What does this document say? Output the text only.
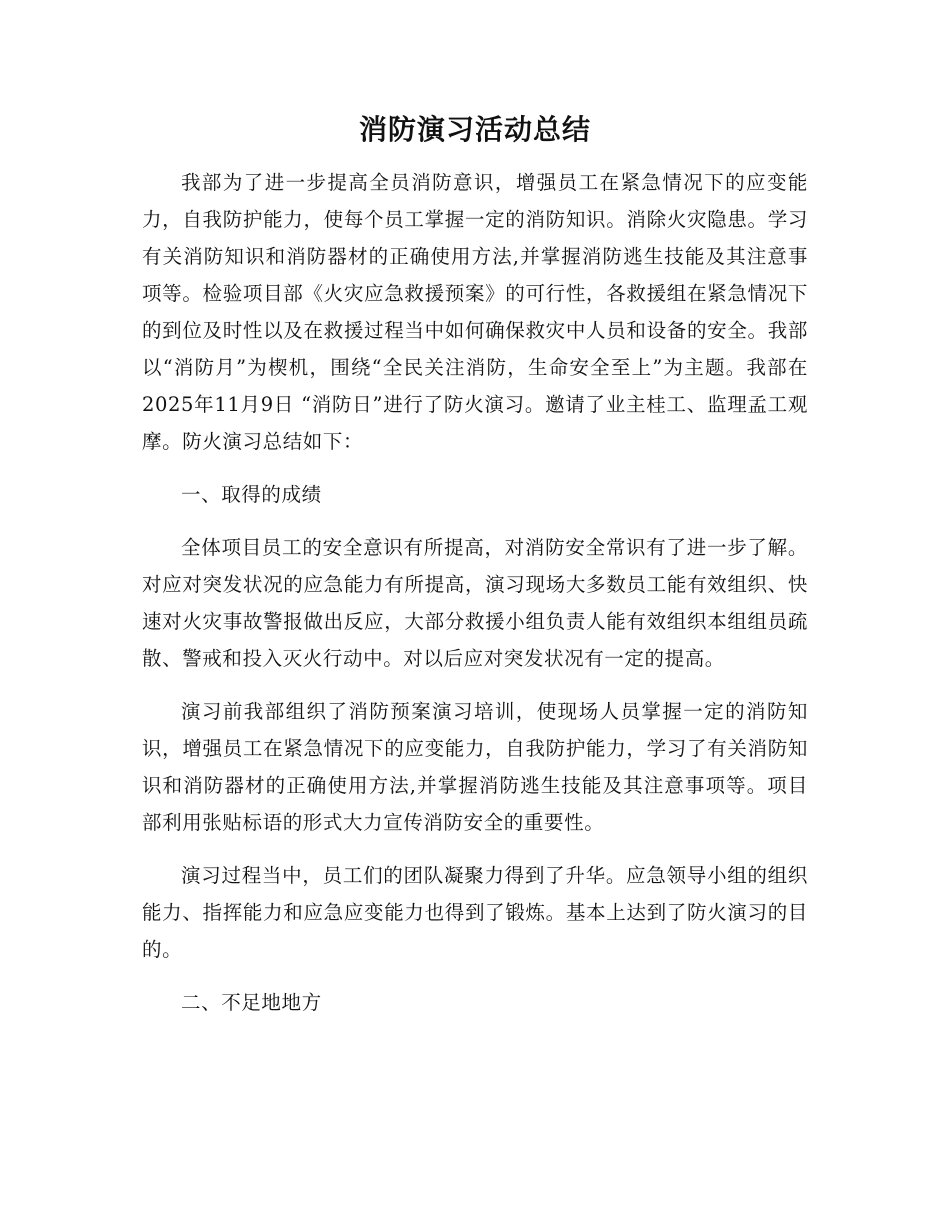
消防演习活动总结

我部为了进一步提高全员消防意识，增强员工在紧急情况下的应变能力，自我防护能力，使每个员工掌握一定的消防知识。消除火灾隐患。学习有关消防知识和消防器材的正确使用方法,并掌握消防逃生技能及其注意事项等。检验项目部《火灾应急救援预案》的可行性，各救援组在紧急情况下的到位及时性以及在救援过程当中如何确保救灾中人员和设备的安全。我部以“消防月”为楔机，围绕“全民关注消防，生命安全至上”为主题。我部在2025年11月9日 “消防日”进行了防火演习。邀请了业主桂工、监理孟工观摩。防火演习总结如下：

一、取得的成绩

全体项目员工的安全意识有所提高，对消防安全常识有了进一步了解。对应对突发状况的应急能力有所提高，演习现场大多数员工能有效组织、快速对火灾事故警报做出反应，大部分救援小组负责人能有效组织本组组员疏散、警戒和投入灭火行动中。对以后应对突发状况有一定的提高。

演习前我部组织了消防预案演习培训，使现场人员掌握一定的消防知识，增强员工在紧急情况下的应变能力，自我防护能力，学习了有关消防知识和消防器材的正确使用方法,并掌握消防逃生技能及其注意事项等。项目部利用张贴标语的形式大力宣传消防安全的重要性。

演习过程当中，员工们的团队凝聚力得到了升华。应急领导小组的组织能力、指挥能力和应急应变能力也得到了锻炼。基本上达到了防火演习的目的。

二、不足地地方
